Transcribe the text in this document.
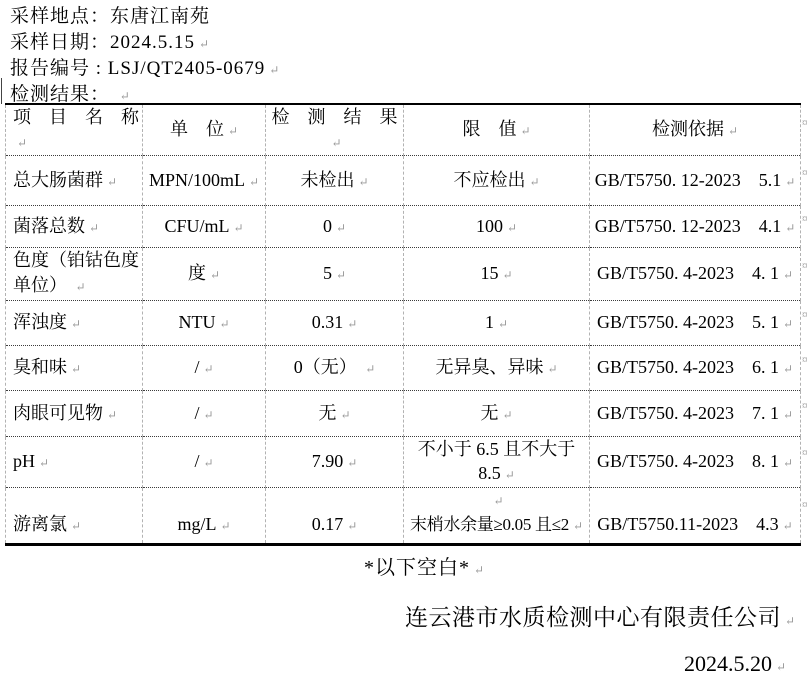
采样地点：东唐江南苑
采样日期：2024.5.15 ↵
报告编号 : LSJ/QT2405-0679 ↵
检测结果： ↵
项　目　名　称↵	单　位 ↵	检　测　结　果↵	限　值 ↵	检测依据 ↵
总大肠菌群 ↵	MPN/100mL ↵	未检出 ↵	不应检出 ↵	GB/T5750. 12-2023　5.1 ↵
菌落总数 ↵	CFU/mL ↵	0 ↵	100 ↵	GB/T5750. 12-2023　4.1 ↵
色度（铂钴色度
单位） ↵	度 ↵	5 ↵	15 ↵	GB/T5750. 4-2023　4. 1 ↵
浑浊度 ↵	NTU ↵	0.31 ↵	1 ↵	GB/T5750. 4-2023　5. 1 ↵
臭和味 ↵	/ ↵	0（无） ↵	无异臭、异味 ↵	GB/T5750. 4-2023　6. 1 ↵
肉眼可见物 ↵	/ ↵	无 ↵	无 ↵	GB/T5750. 4-2023　7. 1 ↵
pH ↵	/ ↵	7.90 ↵	不小于 6.5 且不大于
8.5 ↵	GB/T5750. 4-2023　8. 1 ↵
游离氯 ↵	mg/L ↵	0.17 ↵	↵
末梢水余量≥0.05 且≤2 ↵	GB/T5750.11-2023　4.3 ↵
¤
¤
¤
¤
¤
¤
¤
¤
¤
*以下空白* ↵
连云港市水质检测中心有限责任公司 ↵
2024.5.20 ↵
